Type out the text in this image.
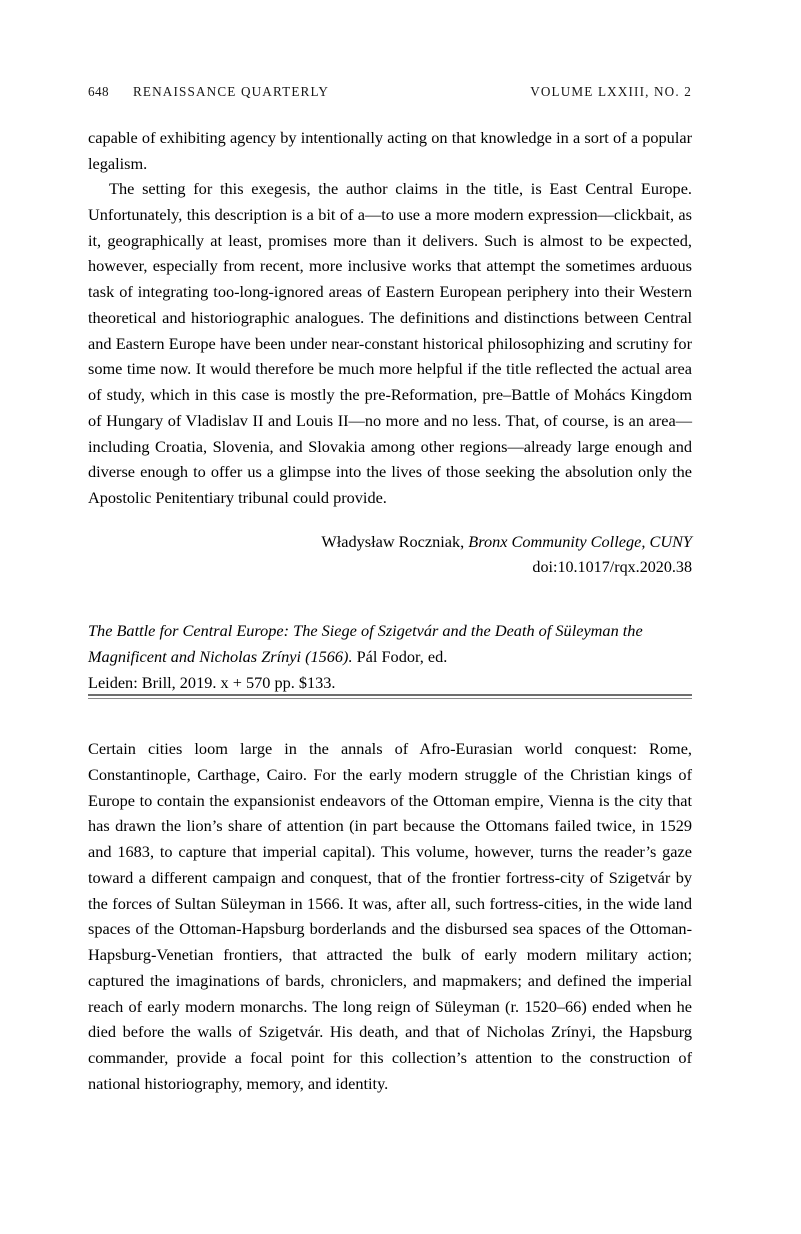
648 RENAISSANCE QUARTERLY	VOLUME LXXIII, NO. 2

capable of exhibiting agency by intentionally acting on that knowledge in a sort of a popular legalism.

The setting for this exegesis, the author claims in the title, is East Central Europe. Unfortunately, this description is a bit of a—to use a more modern expression—clickbait, as it, geographically at least, promises more than it delivers. Such is almost to be expected, however, especially from recent, more inclusive works that attempt the sometimes arduous task of integrating too-long-ignored areas of Eastern European periphery into their Western theoretical and historiographic analogues. The definitions and distinctions between Central and Eastern Europe have been under near-constant historical philosophizing and scrutiny for some time now. It would therefore be much more helpful if the title reflected the actual area of study, which in this case is mostly the pre-Reformation, pre–Battle of Mohács Kingdom of Hungary of Vladislav II and Louis II—no more and no less. That, of course, is an area—including Croatia, Slovenia, and Slovakia among other regions—already large enough and diverse enough to offer us a glimpse into the lives of those seeking the absolution only the Apostolic Penitentiary tribunal could provide.

Władysław Roczniak, Bronx Community College, CUNY
doi:10.1017/rqx.2020.38
The Battle for Central Europe: The Siege of Szigetvár and the Death of Süleyman the Magnificent and Nicholas Zrínyi (1566). Pál Fodor, ed.
Leiden: Brill, 2019. x + 570 pp. $133.

Certain cities loom large in the annals of Afro-Eurasian world conquest: Rome, Constantinople, Carthage, Cairo. For the early modern struggle of the Christian kings of Europe to contain the expansionist endeavors of the Ottoman empire, Vienna is the city that has drawn the lion’s share of attention (in part because the Ottomans failed twice, in 1529 and 1683, to capture that imperial capital). This volume, however, turns the reader’s gaze toward a different campaign and conquest, that of the frontier fortress-city of Szigetvár by the forces of Sultan Süleyman in 1566. It was, after all, such fortress-cities, in the wide land spaces of the Ottoman-Hapsburg borderlands and the disbursed sea spaces of the Ottoman-Hapsburg-Venetian frontiers, that attracted the bulk of early modern military action; captured the imaginations of bards, chroniclers, and mapmakers; and defined the imperial reach of early modern monarchs. The long reign of Süleyman (r. 1520–66) ended when he died before the walls of Szigetvár. His death, and that of Nicholas Zrínyi, the Hapsburg commander, provide a focal point for this collection’s attention to the construction of national historiography, memory, and identity.
